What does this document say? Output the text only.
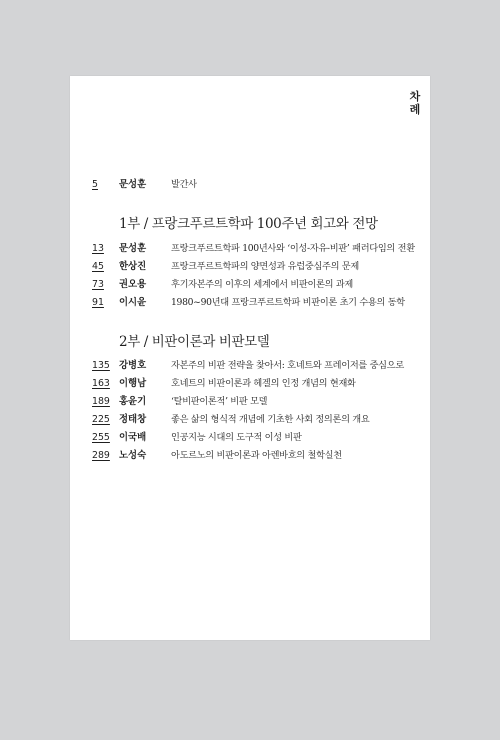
차
례
5	문성훈	발간사
1부 / 프랑크푸르트학파 100주년 회고와 전망
13	문성훈	프랑크푸르트학파 100년사와 ‘이성-자유-비판’ 패러다임의 전환
45	한상진	프랑크푸르트학파의 양면성과 유럽중심주의 문제
73	권오용	후기자본주의 이후의 세계에서 비판이론의 과제
91	이시윤	1980~90년대 프랑크푸르트학파 비판이론 초기 수용의 동학
2부 / 비판이론과 비판모델
135 강병호	자본주의 비판 전략을 찾아서: 호네트와 프레이저를 중심으로
163 이행남	호네트의 비판이론과 헤겔의 인정 개념의 현재화
189 홍윤기	‘탈비판이론적’ 비판 모델
225 정태창	좋은 삶의 형식적 개념에 기초한 사회 정의론의 개요
255 이국배	인공지능 시대의 도구적 이성 비판
289 노성숙	아도르노의 비판이론과 아렌바흐의 철학실천
